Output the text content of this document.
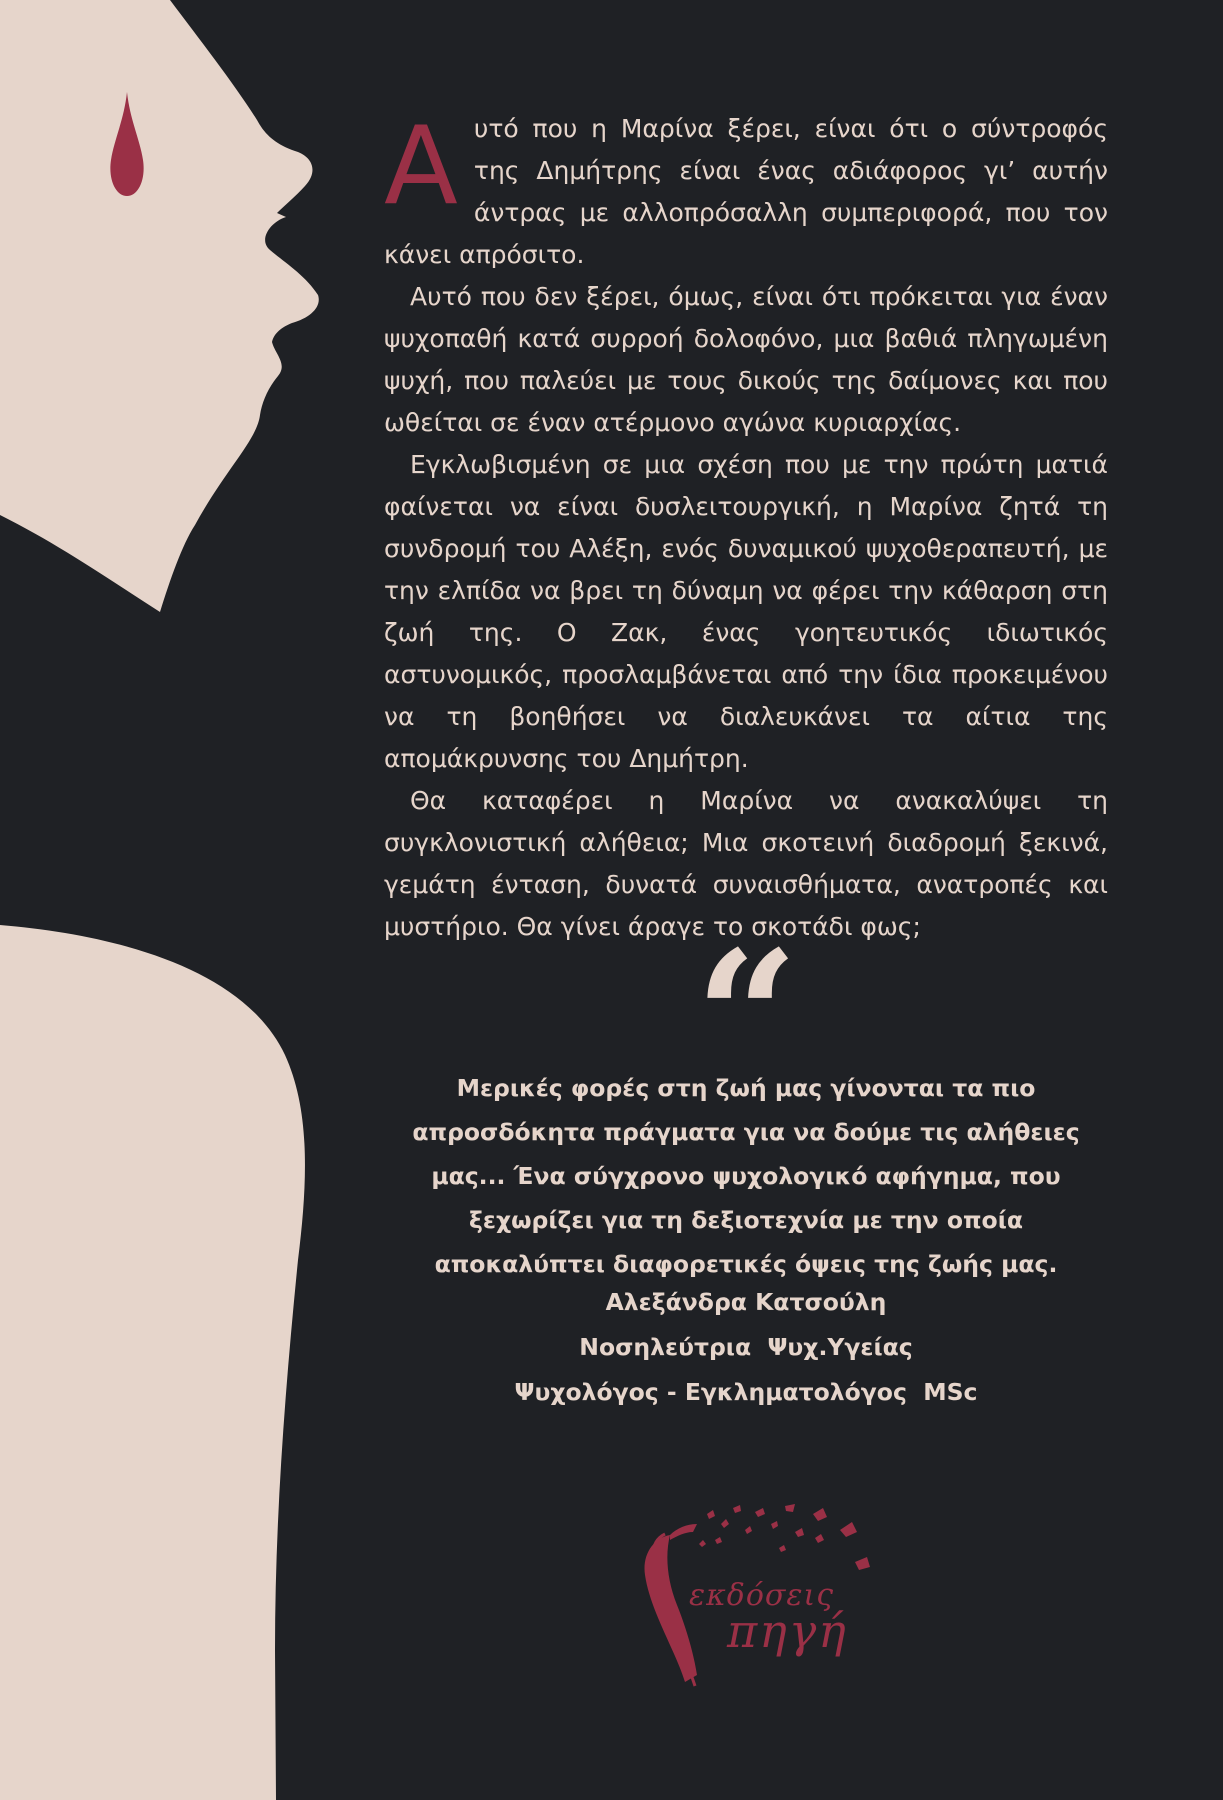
Αυτό που η Μαρίνα ξέρει, είναι ότι ο σύντροφός της Δημήτρης είναι ένας αδιάφορος γι’ αυτήν άντρας με αλλοπρόσαλλη συμπεριφορά, που τον κάνει απρόσιτο.

Αυτό που δεν ξέρει, όμως, είναι ότι πρόκειται για έναν ψυχοπαθή κατά συρροή δολοφόνο, μια βαθιά πληγωμένη ψυχή, που παλεύει με τους δικούς της δαίμονες και που ωθείται σε έναν ατέρμονο αγώνα κυριαρχίας.

Εγκλωβισμένη σε μια σχέση που με την πρώτη ματιά φαίνεται να είναι δυσλειτουργική, η Μαρίνα ζητά τη συνδρομή του Αλέξη, ενός δυναμικού ψυχοθεραπευτή, με την ελπίδα να βρει τη δύναμη να φέρει την κάθαρση στη ζωή της. Ο Ζακ, ένας γοητευτικός ιδιωτικός αστυνομικός, προσλαμβάνεται από την ίδια προκειμένου να τη βοηθήσει να διαλευκάνει τα αίτια της απομάκρυνσης του Δημήτρη.

Θα καταφέρει η Μαρίνα να ανακαλύψει τη συγκλονιστική αλήθεια; Μια σκοτεινή διαδρομή ξεκινά, γεμάτη ένταση, δυνατά συναισθήματα, ανατροπές και μυστήριο. Θα γίνει άραγε το σκοτάδι φως;

“

Μερικές φορές στη ζωή μας γίνονται τα πιο απροσδόκητα πράγματα για να δούμε τις αλήθειες μας... Ένα σύγχρονο ψυχολογικό αφήγημα, που ξεχωρίζει για τη δεξιοτεχνία με την οποία αποκαλύπτει διαφορετικές όψεις της ζωής μας.

Αλεξάνδρα Κατσούλη
Νοσηλεύτρια  Ψυχ.Υγείας
Ψυχολόγος - Εγκληματολόγος  MSc
εκδόσεις
πηγή
